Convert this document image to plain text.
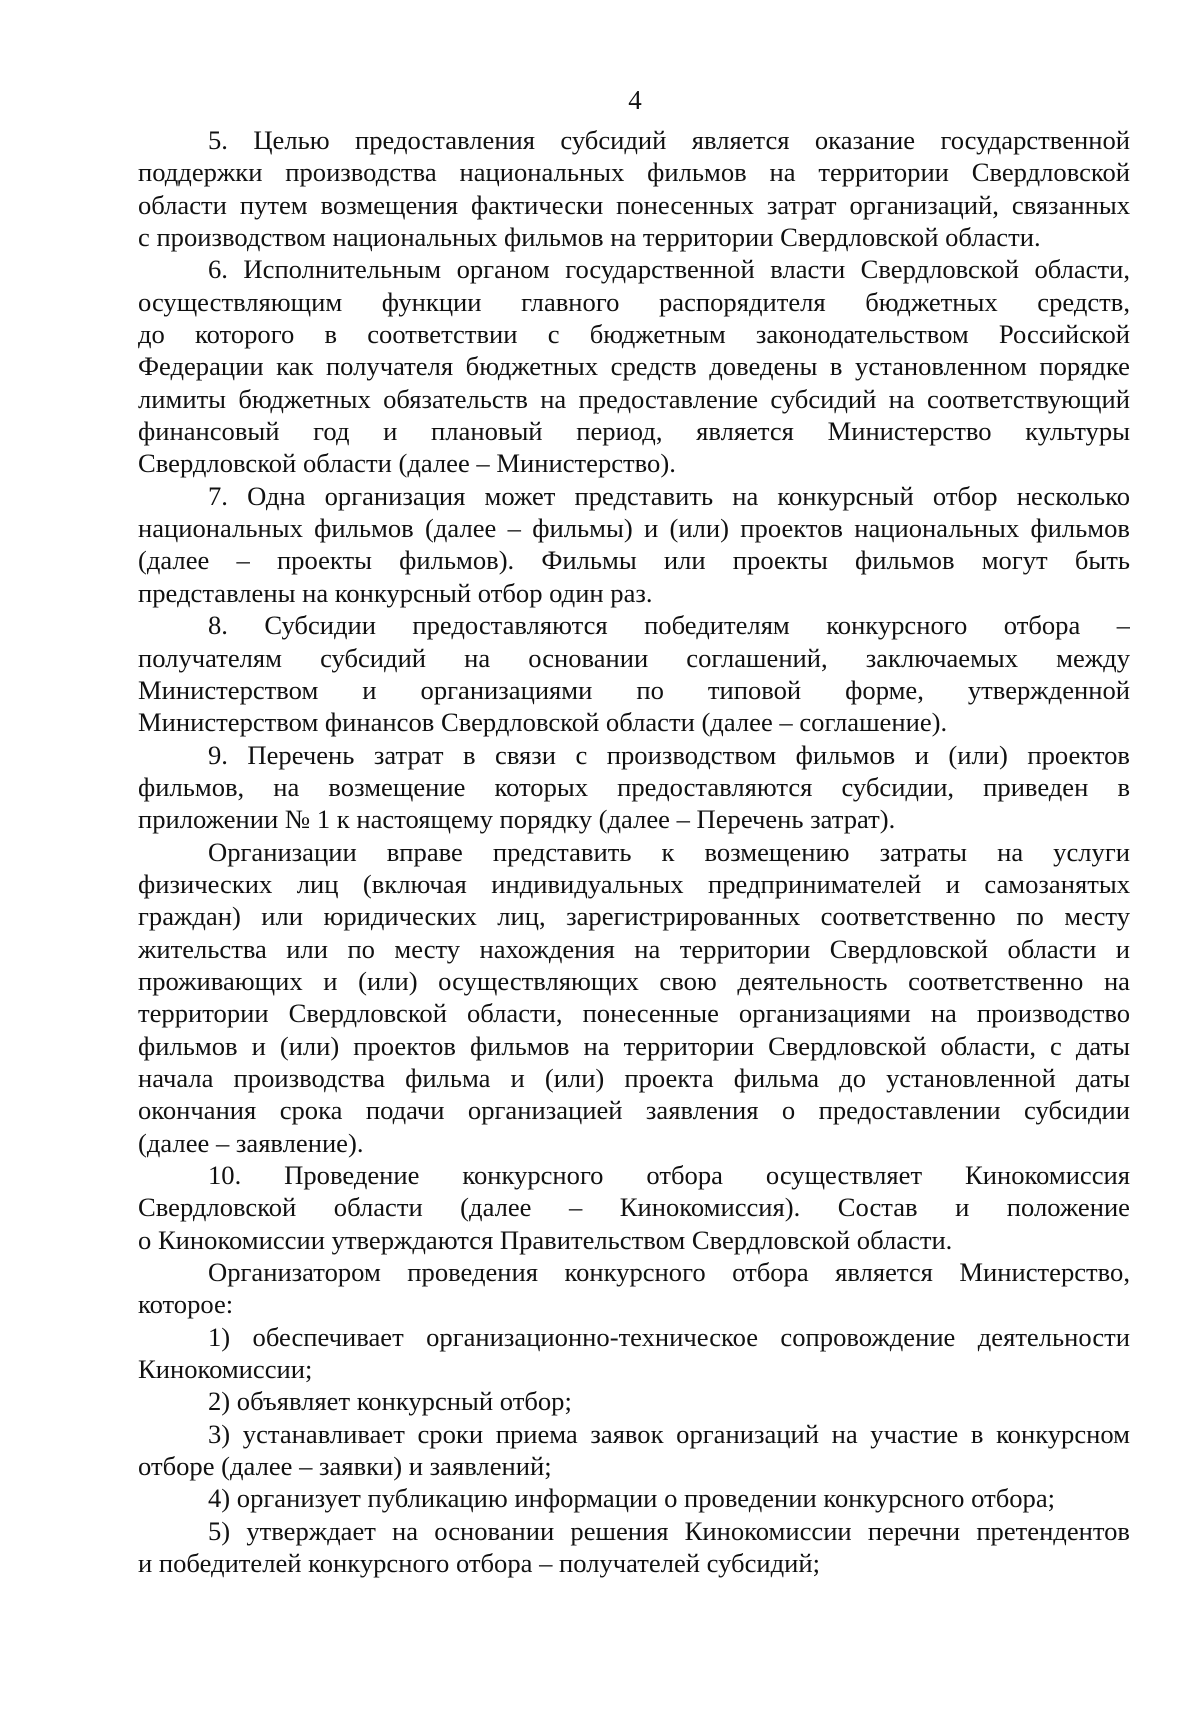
4
5. Целью предоставления субсидий является оказание государственной
поддержки производства национальных фильмов на территории Свердловской
области путем возмещения фактически понесенных затрат организаций, связанных
с производством национальных фильмов на территории Свердловской области.
6. Исполнительным органом государственной власти Свердловской области,
осуществляющим функции главного распорядителя бюджетных средств,
до которого в соответствии с бюджетным законодательством Российской
Федерации как получателя бюджетных средств доведены в установленном порядке
лимиты бюджетных обязательств на предоставление субсидий на соответствующий
финансовый год и плановый период, является Министерство культуры
Свердловской области (далее – Министерство).
7. Одна организация может представить на конкурсный отбор несколько
национальных фильмов (далее – фильмы) и (или) проектов национальных фильмов
(далее – проекты фильмов). Фильмы или проекты фильмов могут быть
представлены на конкурсный отбор один раз.
8. Субсидии предоставляются победителям конкурсного отбора –
получателям субсидий на основании соглашений, заключаемых между
Министерством и организациями по типовой форме, утвержденной
Министерством финансов Свердловской области (далее – соглашение).
9. Перечень затрат в связи с производством фильмов и (или) проектов
фильмов, на возмещение которых предоставляются субсидии, приведен в
приложении № 1 к настоящему порядку (далее – Перечень затрат).
Организации вправе представить к возмещению затраты на услуги
физических лиц (включая индивидуальных предпринимателей и самозанятых
граждан) или юридических лиц, зарегистрированных соответственно по месту
жительства или по месту нахождения на территории Свердловской области и
проживающих и (или) осуществляющих свою деятельность соответственно на
территории Свердловской области, понесенные организациями на производство
фильмов и (или) проектов фильмов на территории Свердловской области, с даты
начала производства фильма и (или) проекта фильма до установленной даты
окончания срока подачи организацией заявления о предоставлении субсидии
(далее – заявление).
10. Проведение конкурсного отбора осуществляет Кинокомиссия
Свердловской области (далее – Кинокомиссия). Состав и положение
о Кинокомиссии утверждаются Правительством Свердловской области.
Организатором проведения конкурсного отбора является Министерство,
которое:
1) обеспечивает организационно-техническое сопровождение деятельности
Кинокомиссии;
2) объявляет конкурсный отбор;
3) устанавливает сроки приема заявок организаций на участие в конкурсном
отборе (далее – заявки) и заявлений;
4) организует публикацию информации о проведении конкурсного отбора;
5) утверждает на основании решения Кинокомиссии перечни претендентов
и победителей конкурсного отбора – получателей субсидий;
